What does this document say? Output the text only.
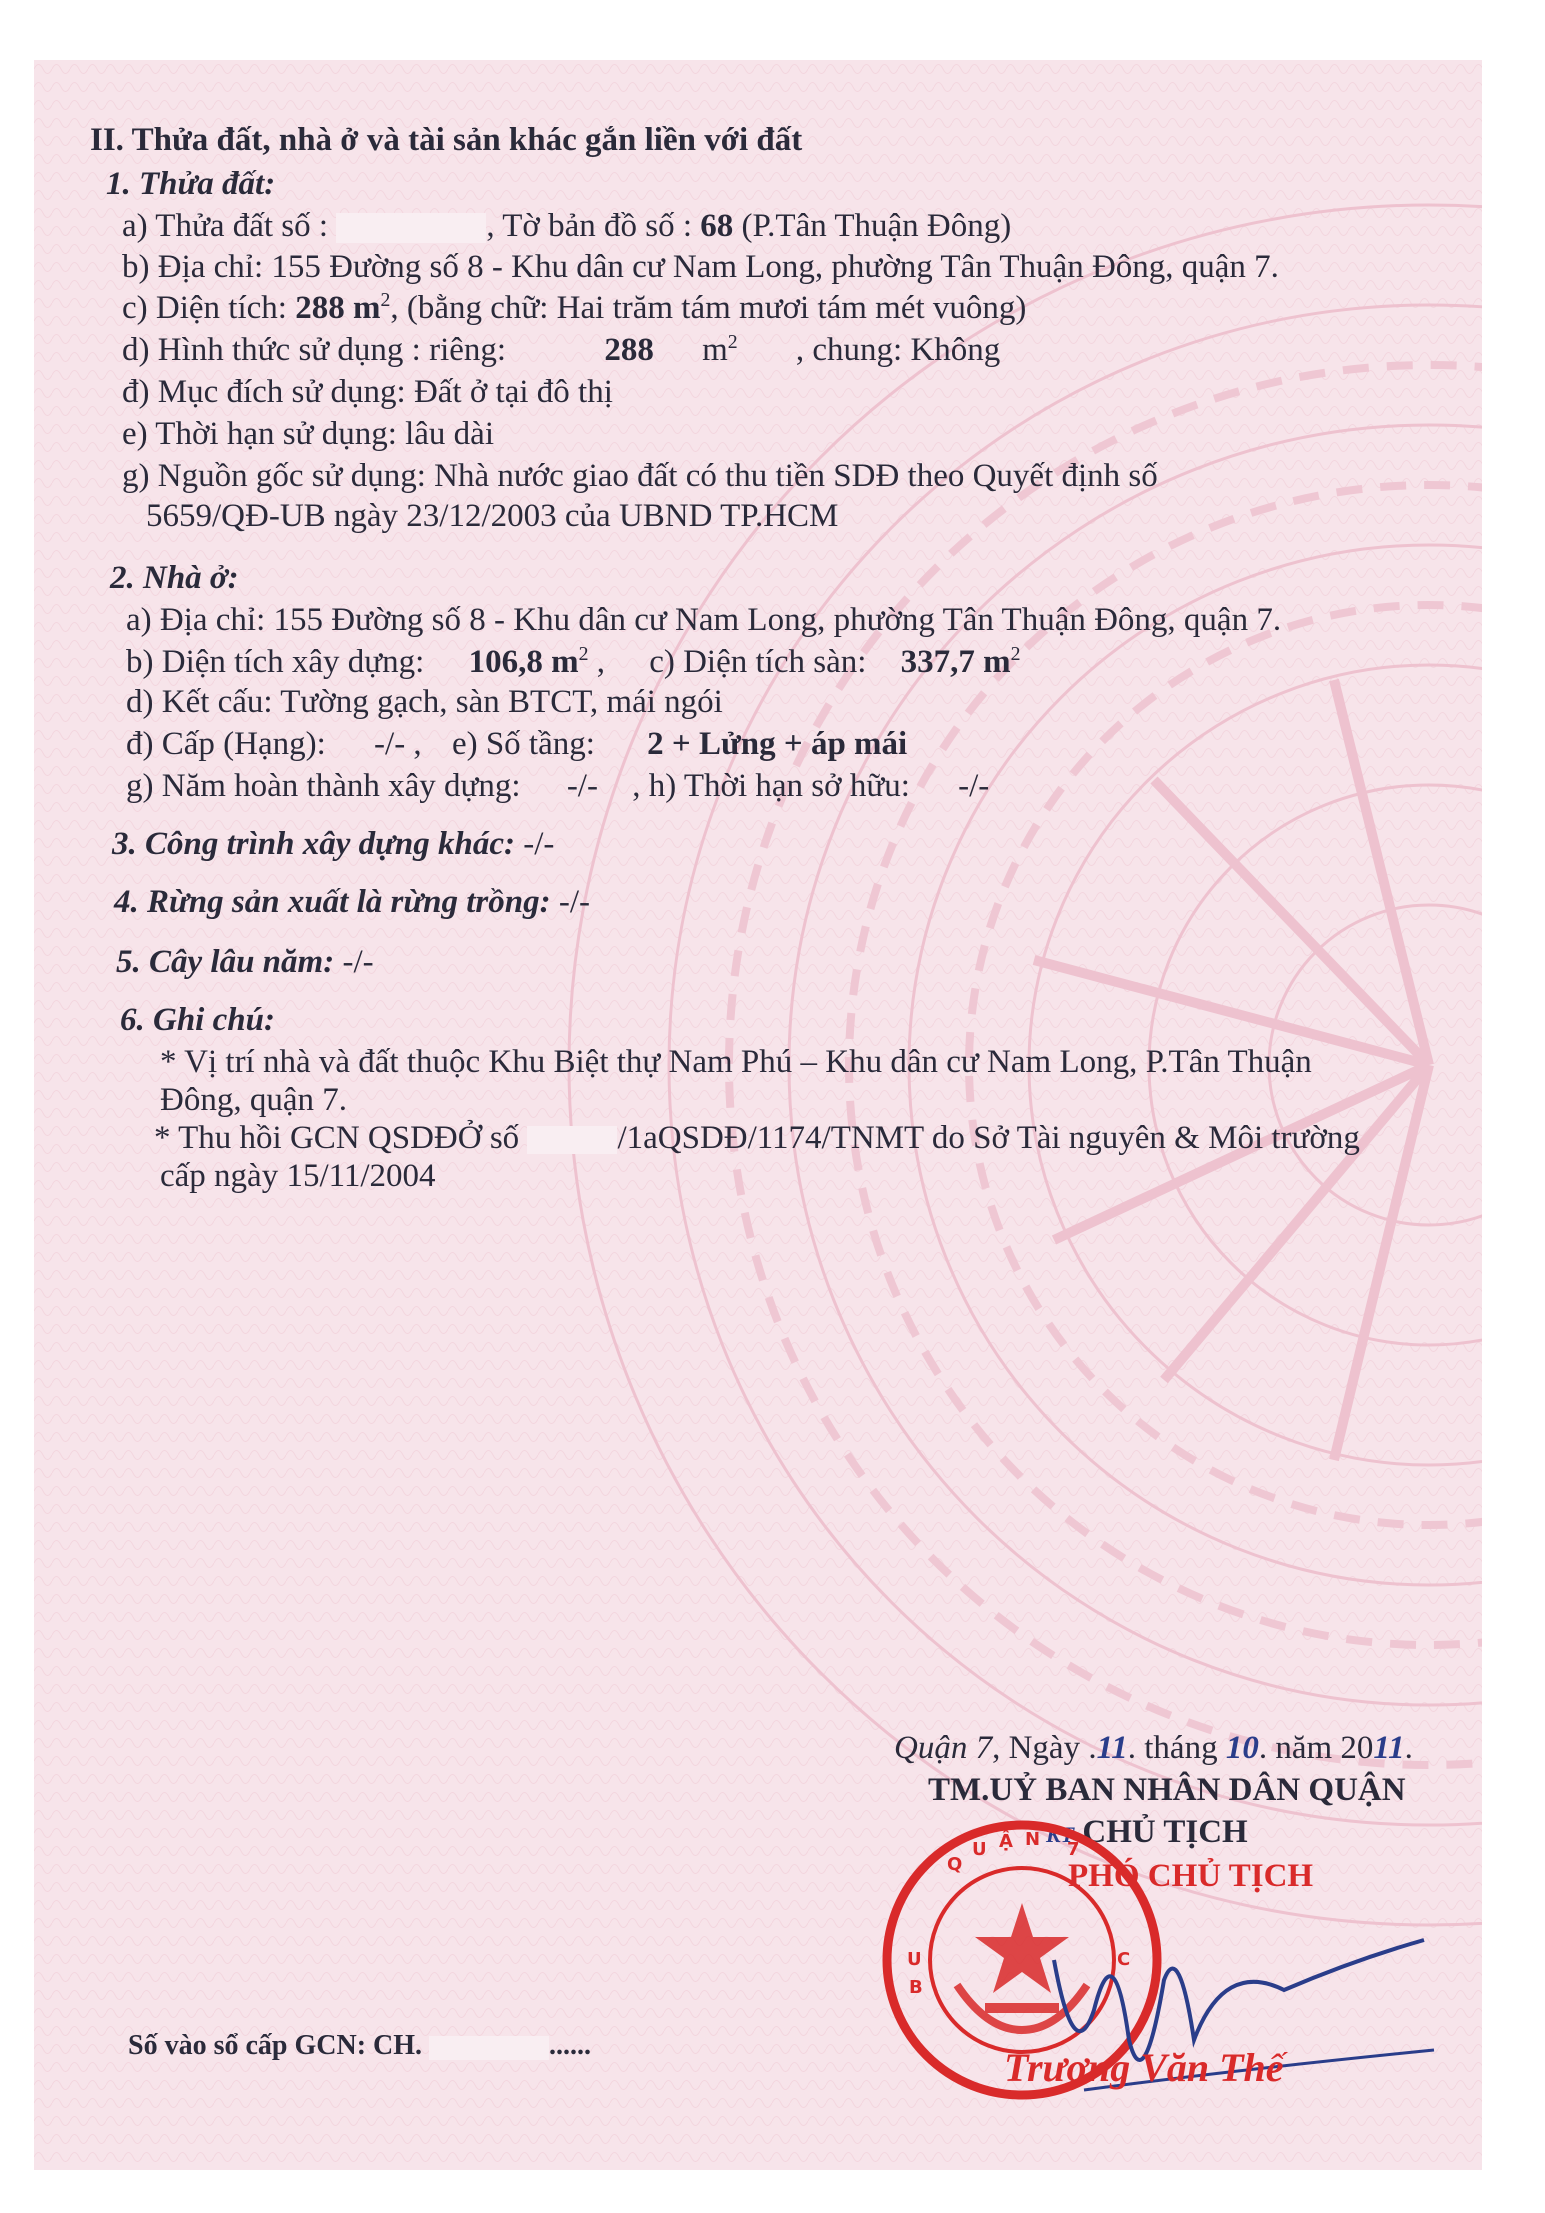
II. Thửa đất, nhà ở và tài sản khác gắn liền với đất
1. Thửa đất:
a) Thửa đất số :	, Tờ bản đồ số : 68 (P.Tân Thuận Đông)
b) Địa chỉ: 155 Đường số 8 - Khu dân cư Nam Long, phường Tân Thuận Đông, quận 7.
c) Diện tích: 288 $m^2$, (bằng chữ: Hai trăm tám mươi tám mét vuông)
d) Hình thức sử dụng : riêng:	288 $m^2$ , chung: Không
đ) Mục đích sử dụng: Đất ở tại đô thị
e) Thời hạn sử dụng: lâu dài
g) Nguồn gốc sử dụng: Nhà nước giao đất có thu tiền SDĐ theo Quyết định số
5659/QĐ-UB ngày 23/12/2003 của UBND TP.HCM
2. Nhà ở:
a) Địa chỉ: 155 Đường số 8 - Khu dân cư Nam Long, phường Tân Thuận Đông, quận 7.
b) Diện tích xây dựng: 106,8 $m^2$ , c) Diện tích sàn: 337,7 $m^2$
d) Kết cấu: Tường gạch, sàn BTCT, mái ngói
đ) Cấp (Hạng): -/- , e) Số tầng: 2 + Lửng + áp mái
g) Năm hoàn thành xây dựng: -/- , h) Thời hạn sở hữu: -/-
3. Công trình xây dựng khác: -/-
4. Rừng sản xuất là rừng trồng: -/-
5. Cây lâu năm: -/-
6. Ghi chú:
* Vị trí nhà và đất thuộc Khu Biệt thự Nam Phú – Khu dân cư Nam Long, P.Tân Thuận
Đông, quận 7.
* Thu hồi GCN QSDĐỞ số	/1aQSDĐ/1174/TNMT do Sở Tài nguyên & Môi trường
cấp ngày 15/11/2004
Quận 7, Ngày .11. tháng 10. năm 2011.
TM.UỶ BAN NHÂN DÂN QUẬN
KT CHỦ TỊCH
PHÓ CHỦ TỊCH
Q
U Ậ N 7
U
B
C
Trương Văn Thế
Số vào sổ cấp GCN: CH.	......
